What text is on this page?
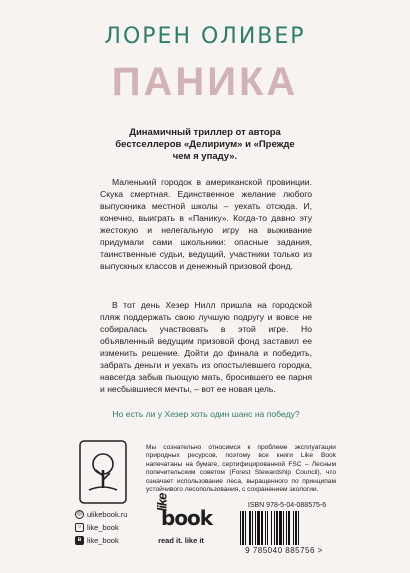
ЛОРЕН ОЛИВЕР
ПАНИКА
Динамичный триллер от автора бестселлеров «Делириум» и «Прежде чем я упаду».
Маленький городок в американской провинции. Скука смертная. Единственное желание любого выпускника местной школы – уехать отсюда. И, конечно, выиграть в «Панику». Когда-то давно эту жестокую и нелегальную игру на выживание придумали сами школьники: опасные задания, таинственные судьи, ведущий, участники только из выпускных классов и денежный призовой фонд.
В тот день Хезер Нилл пришла на городской пляж поддержать свою лучшую подругу и вовсе не собиралась участвовать в этой игре. Но объявленный ведущим призовой фонд заставил ее изменить решение. Дойти до финала и победить, забрать деньги и уехать из опостылевшего городка, навсегда забыв пьющую мать, бросившего ее парня и несбывшиеся мечты, – вот ее новая цель.
Но есть ли у Хезер хоть один шанс на победу?
Мы сознательно относимся к проблеме эксплуатации природных ресурсов, поэтому все книги Like Book напечатаны на бумаге, сертифицированной FSC – Лесным попечительским советом (Forest Stewardship Council), что означает использование леса, выращенного по принципам устойчивого лесопользования, с сохранением экологии.
◎ ulikebook.ru
○ like_book
в like_book
like
book
read it. like it
ISBN 978-5-04-088575-6
9 785040 885756 >
